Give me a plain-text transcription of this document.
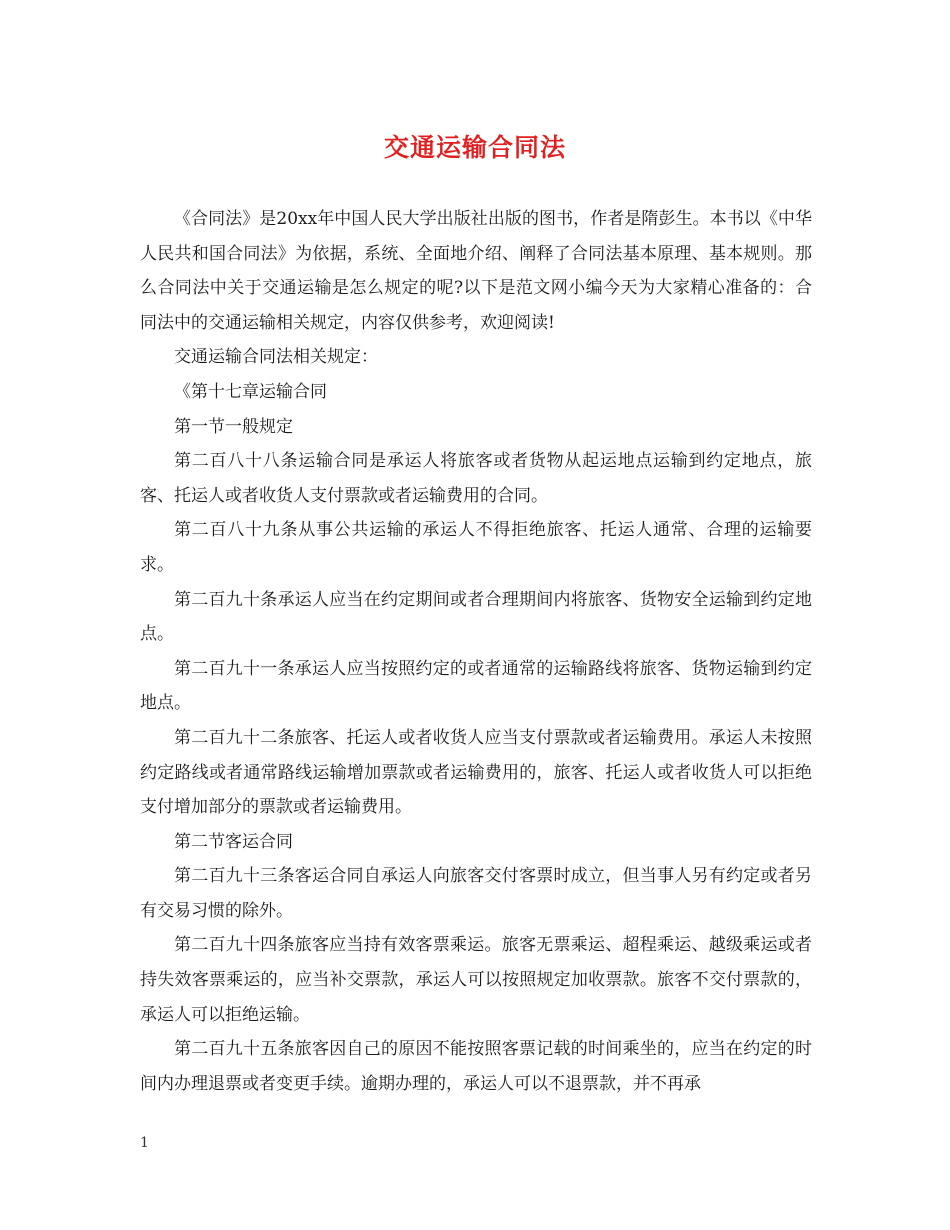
交通运输合同法

《合同法》是20xx年中国人民大学出版社出版的图书，作者是隋彭生。本书以《中华人民共和国合同法》为依据，系统、全面地介绍、阐释了合同法基本原理、基本规则。那么合同法中关于交通运输是怎么规定的呢?以下是范文网小编今天为大家精心准备的：合同法中的交通运输相关规定，内容仅供参考，欢迎阅读!

交通运输合同法相关规定：

《第十七章运输合同

第一节一般规定

第二百八十八条运输合同是承运人将旅客或者货物从起运地点运输到约定地点，旅客、托运人或者收货人支付票款或者运输费用的合同。

第二百八十九条从事公共运输的承运人不得拒绝旅客、托运人通常、合理的运输要求。

第二百九十条承运人应当在约定期间或者合理期间内将旅客、货物安全运输到约定地点。

第二百九十一条承运人应当按照约定的或者通常的运输路线将旅客、货物运输到约定地点。

第二百九十二条旅客、托运人或者收货人应当支付票款或者运输费用。承运人未按照约定路线或者通常路线运输增加票款或者运输费用的，旅客、托运人或者收货人可以拒绝支付增加部分的票款或者运输费用。

第二节客运合同

第二百九十三条客运合同自承运人向旅客交付客票时成立，但当事人另有约定或者另有交易习惯的除外。

第二百九十四条旅客应当持有效客票乘运。旅客无票乘运、超程乘运、越级乘运或者持失效客票乘运的，应当补交票款，承运人可以按照规定加收票款。旅客不交付票款的，承运人可以拒绝运输。

第二百九十五条旅客因自己的原因不能按照客票记载的时间乘坐的，应当在约定的时间内办理退票或者变更手续。逾期办理的，承运人可以不退票款，并不再承

1
